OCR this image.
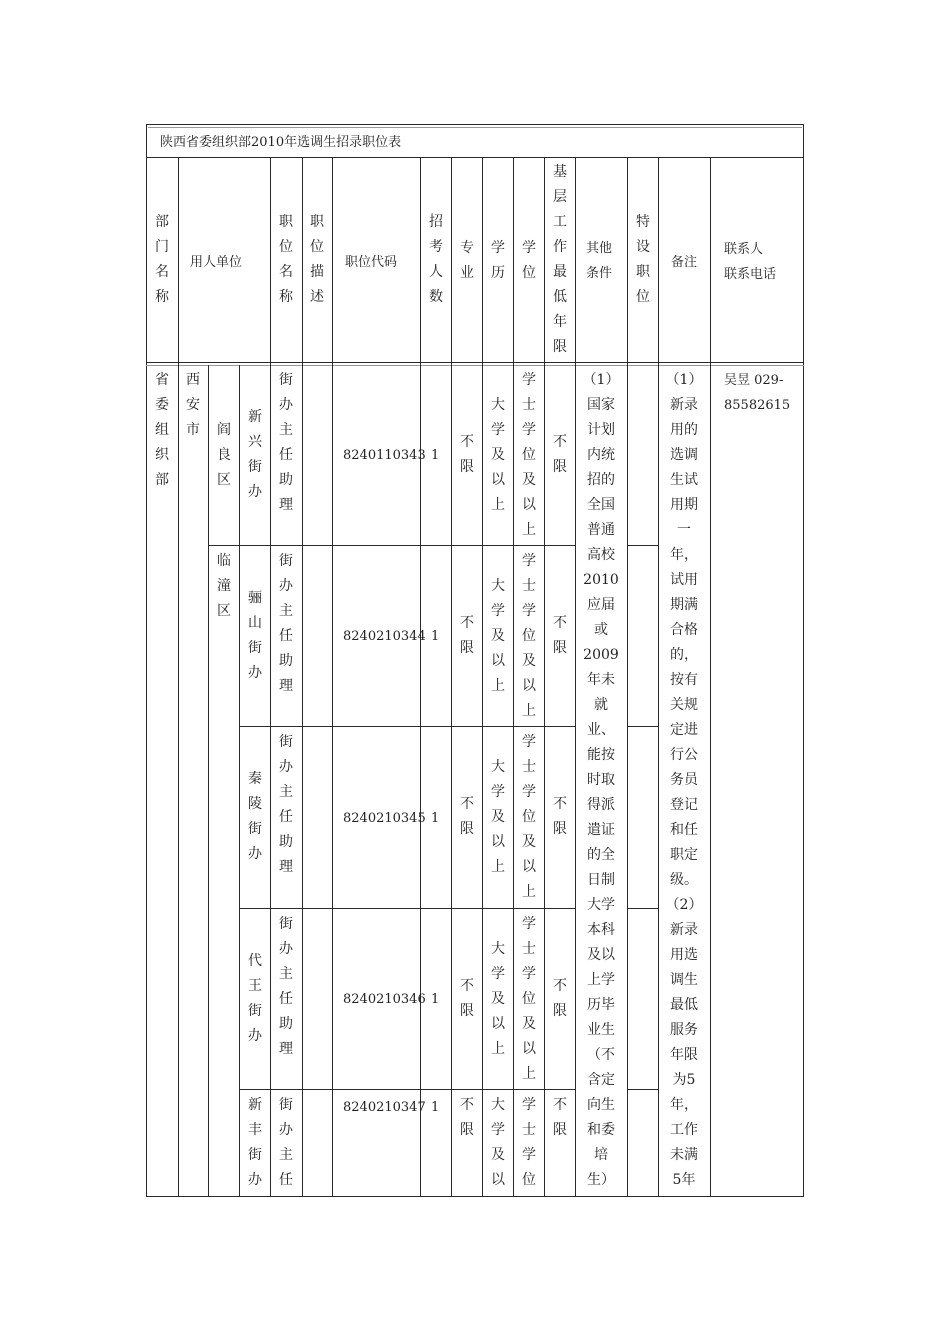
陕西省委组织部2010年选调生招录职位表
部
门
名
称
用人单位
职
位
名
称
职
位
描
述
职位代码
招
考
人
数
专
业
学
历
学
位
基
层
工
作
最
低
年
限
其他条件
特
设
职
位
备注
联系人
联系电话
省
委
组
织
部
西
安
市 阎
良
区
临
潼
区
新
兴
街
办
街
办
主
任
助
理
8240110343 1
不
限
大
学
及
以
上
学
士
学
位
及
以
上
不
限
骊
山
街
办
街
办
主
任
助
理
8240210344 1
不
限
大
学
及
以
上
学
士
学
位
及
以
上
不
限
秦
陵
街
办
街
办
主
任
助
理
8240210345 1
不
限
大
学
及
以
上
学
士
学
位
及
以
上
不
限
代
王
街
办
街
办
主
任
助
理
8240210346 1
不
限
大
学
及
以
上
学
士
学
位
及
以
上
不
限
新
丰
街
办
街
办
主
任
8240210347 1 不
限
大
学
及
以
学
士
学
位
不
限
（1）
国家
计划
内统
招的
全国
普通
高校
2010
应届
或
2009
年未
就
业、
能按
时取
得派
遣证
的全
日制
大学
本科
及以
上学
历毕
业生
（不
含定
向生
和委
培
生）
（1）
新录
用的
选调
生试
用期
一
年，
试用
期满
合格
的，
按有
关规
定进
行公
务员
登记
和任
职定
级。
（2）
新录
用选
调生
最低
服务
年限
为5
年，
工作
未满
5年
吴昱 029-
85582615
